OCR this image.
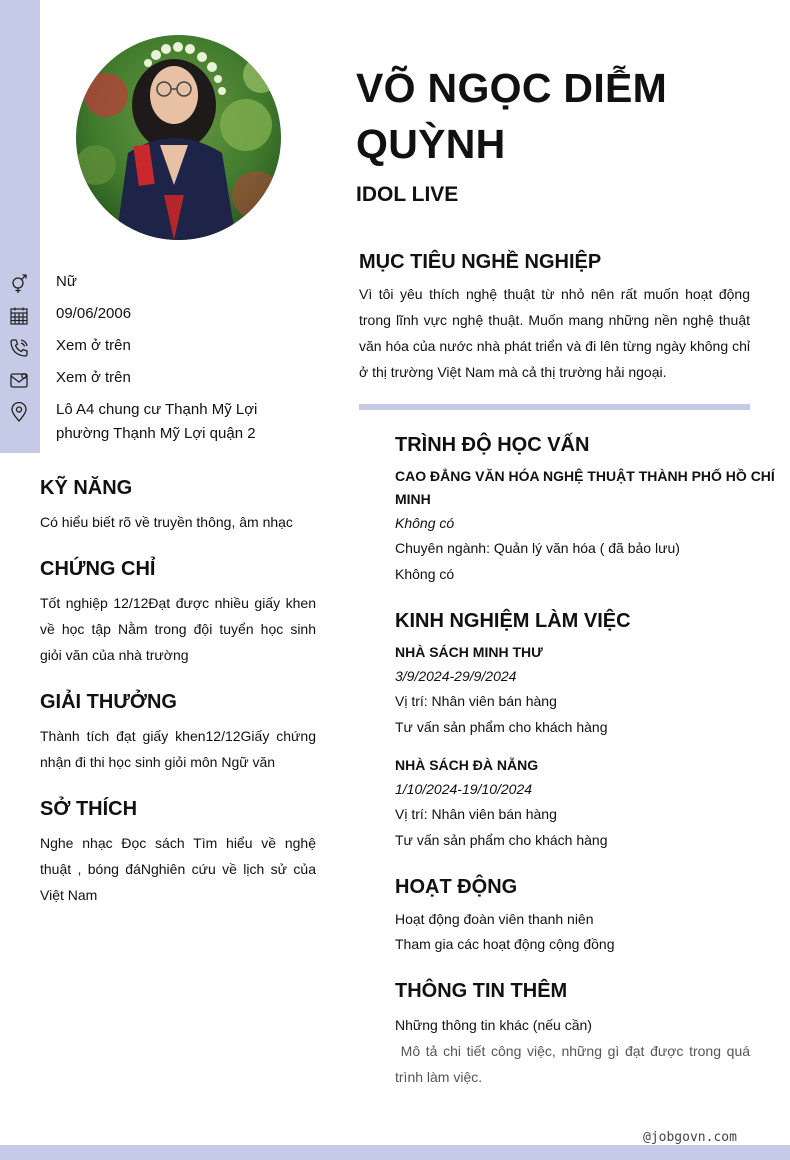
Nữ
09/06/2006
Xem ở trên
Xem ở trên
Lô A4 chung cư Thạnh Mỹ Lợi
phường Thạnh Mỹ Lợi quận 2
KỸ NĂNG
Có hiểu biết rõ về truyền thông, âm nhạc
CHỨNG CHỈ
Tốt nghiệp 12/12Đạt được nhiều giấy khen về học tập Nằm trong đội tuyển học sinh giỏi văn của nhà trường
GIẢI THƯỞNG
Thành tích đạt giấy khen12/12Giấy chứng nhận đi thi học sinh giỏi môn Ngữ văn
SỞ THÍCH
Nghe nhạc Đọc sách Tìm hiểu về nghệ thuật , bóng đáNghiên cứu về lịch sử của Việt Nam
VÕ NGỌC DIỄM QUỲNH
IDOL LIVE
MỤC TIÊU NGHỀ NGHIỆP
Vì tôi yêu thích nghệ thuật từ nhỏ nên rất muốn hoạt động trong lĩnh vực nghệ thuật. Muốn mang những nền nghệ thuật văn hóa của nước nhà phát triển và đi lên từng ngày không chỉ ở thị trường Việt Nam mà cả thị trường hải ngoại.
TRÌNH ĐỘ HỌC VẤN
CAO ĐẲNG VĂN HÓA NGHỆ THUẬT THÀNH PHỐ HỒ CHÍ
MINH
Không có
Chuyên ngành: Quản lý văn hóa ( đã bảo lưu)
Không có
KINH NGHIỆM LÀM VIỆC
NHÀ SÁCH MINH THƯ
3/9/2024-29/9/2024
Vị trí: Nhân viên bán hàng
Tư vấn sản phẩm cho khách hàng
NHÀ SÁCH ĐÀ NẴNG
1/10/2024-19/10/2024
Vị trí: Nhân viên bán hàng
Tư vấn sản phẩm cho khách hàng
HOẠT ĐỘNG
Hoạt động đoàn viên thanh niên
Tham gia các hoạt động cộng đồng
THÔNG TIN THÊM
Những thông tin khác (nếu cần)
Mô tả chi tiết công việc, những gì đạt được trong quá trình làm việc.
@jobgovn.com
